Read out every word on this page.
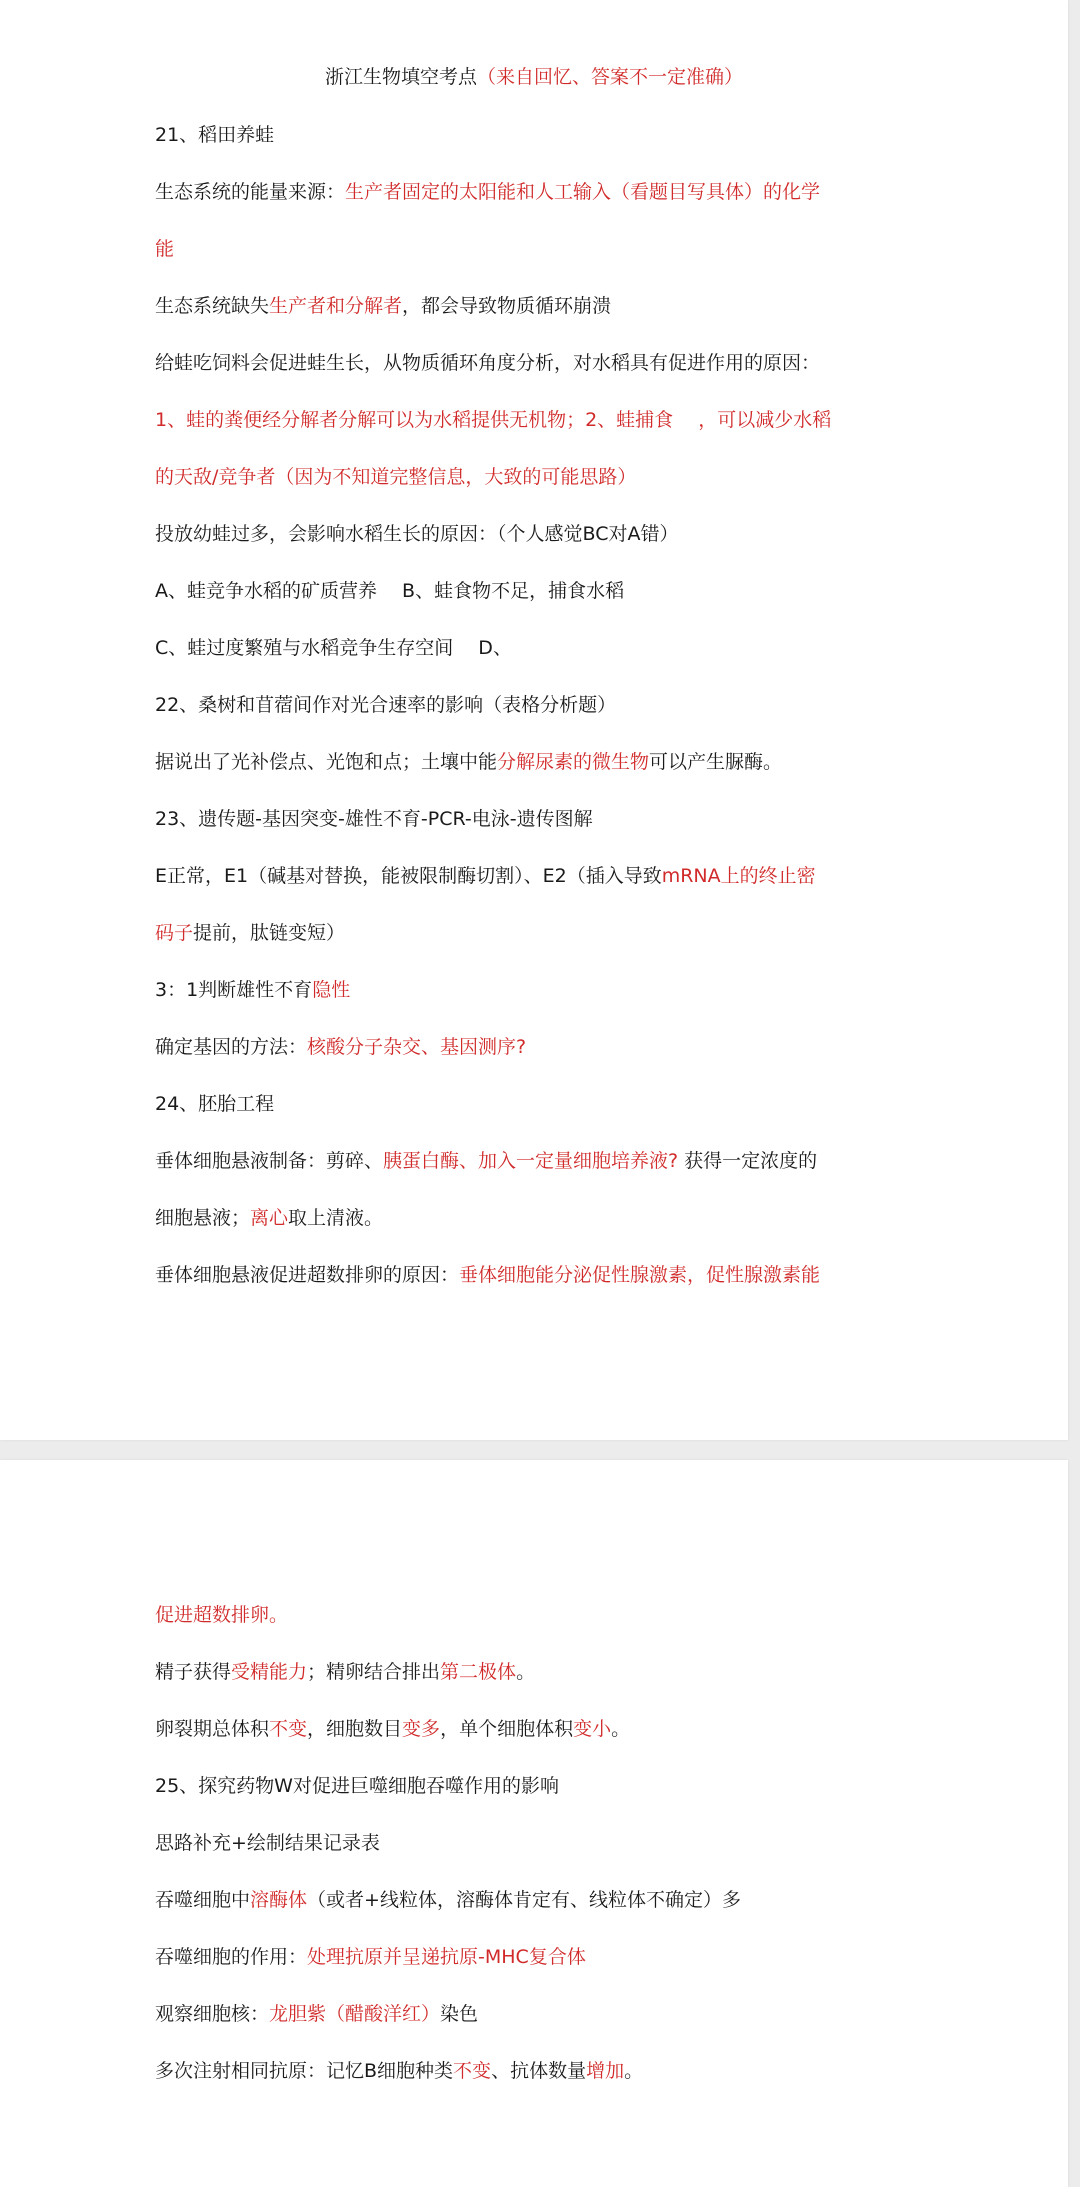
浙江生物填空考点（来自回忆、答案不一定准确）
21、稻田养蛙
生态系统的能量来源：生产者固定的太阳能和人工输入（看题目写具体）的化学
能
生态系统缺失生产者和分解者，都会导致物质循环崩溃
给蛙吃饲料会促进蛙生长，从物质循环角度分析，对水稻具有促进作用的原因：
1、蛙的粪便经分解者分解可以为水稻提供无机物；2、蛙捕食　 ，可以减少水稻
的天敌/竞争者（因为不知道完整信息，大致的可能思路）
投放幼蛙过多，会影响水稻生长的原因：（个人感觉BC对A错）
A、蛙竞争水稻的矿质营养　 B、蛙食物不足，捕食水稻
C、蛙过度繁殖与水稻竞争生存空间　 D、
22、桑树和苜蓿间作对光合速率的影响（表格分析题）
据说出了光补偿点、光饱和点；土壤中能分解尿素的微生物可以产生脲酶。
23、遗传题-基因突变-雄性不育-PCR-电泳-遗传图解
E正常，E1（碱基对替换，能被限制酶切割）、E2（插入导致mRNA上的终止密
码子提前，肽链变短）
3：1判断雄性不育隐性
确定基因的方法：核酸分子杂交、基因测序?
24、胚胎工程
垂体细胞悬液制备：剪碎、胰蛋白酶、加入一定量细胞培养液? 获得一定浓度的
细胞悬液；离心取上清液。
垂体细胞悬液促进超数排卵的原因：垂体细胞能分泌促性腺激素，促性腺激素能
促进超数排卵。
精子获得受精能力；精卵结合排出第二极体。
卵裂期总体积不变，细胞数目变多，单个细胞体积变小。
25、探究药物W对促进巨噬细胞吞噬作用的影响
思路补充+绘制结果记录表
吞噬细胞中溶酶体（或者+线粒体，溶酶体肯定有、线粒体不确定）多
吞噬细胞的作用：处理抗原并呈递抗原-MHC复合体
观察细胞核：龙胆紫（醋酸洋红）染色
多次注射相同抗原：记忆B细胞种类不变、抗体数量增加。
